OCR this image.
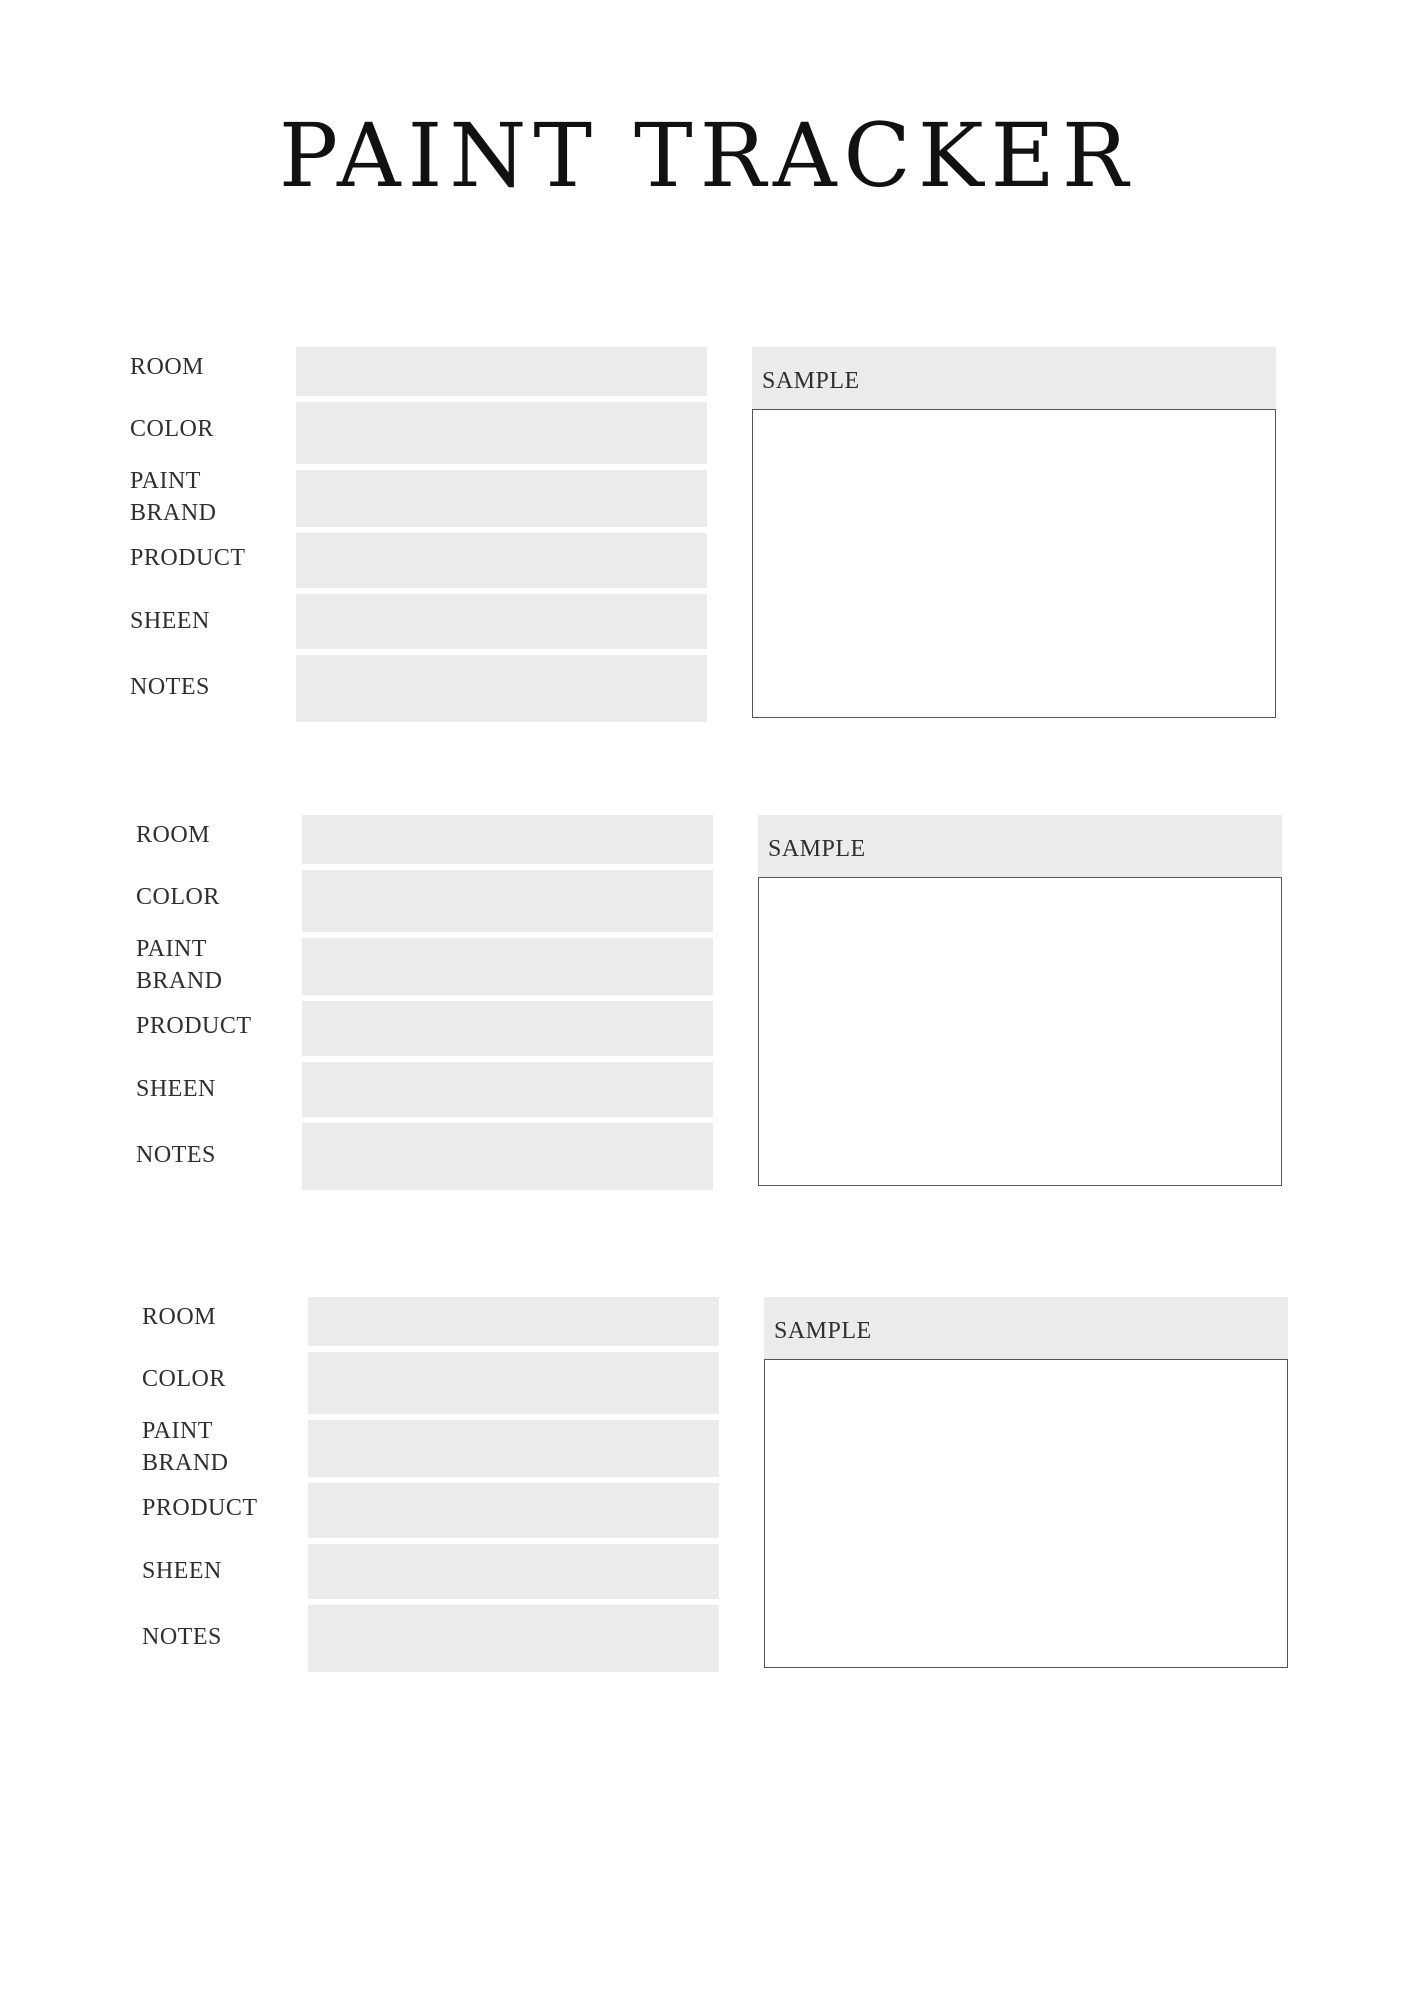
PAINT TRACKER
ROOM
COLOR
PAINT
BRAND
PRODUCT
SHEEN
NOTES
SAMPLE
ROOM
COLOR
PAINT
BRAND
PRODUCT
SHEEN
NOTES
SAMPLE
ROOM
COLOR
PAINT
BRAND
PRODUCT
SHEEN
NOTES
SAMPLE
